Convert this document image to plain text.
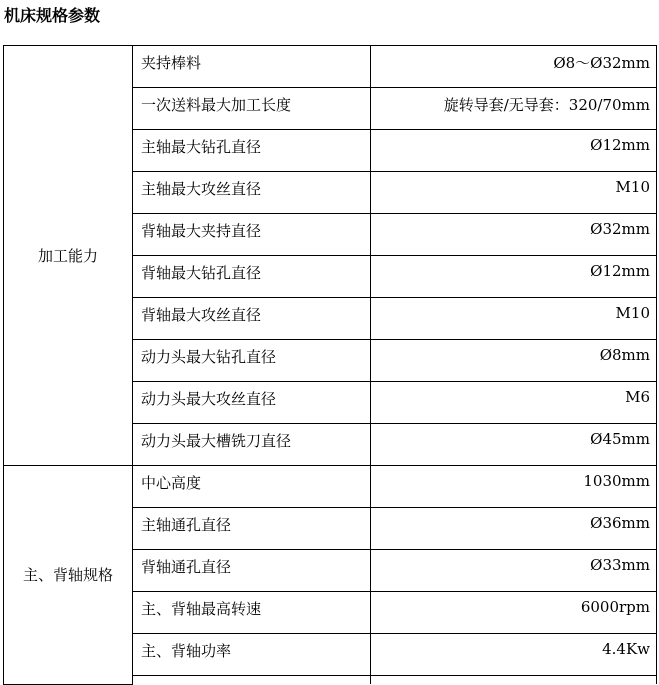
机床规格参数
加工能力	夹持棒料	Ø8～Ø32mm
	一次送料最大加工长度	旋转导套/无导套：320/70mm
	主轴最大钻孔直径	Ø12mm
	主轴最大攻丝直径	M10
	背轴最大夹持直径	Ø32mm
	背轴最大钻孔直径	Ø12mm
	背轴最大攻丝直径	M10
	动力头最大钻孔直径	Ø8mm
	动力头最大攻丝直径	M6
	动力头最大槽铣刀直径	Ø45mm
主、背轴规格	中心高度	1030mm
	主轴通孔直径	Ø36mm
	背轴通孔直径	Ø33mm
	主、背轴最高转速	6000rpm
	主、背轴功率	4.4Kw
